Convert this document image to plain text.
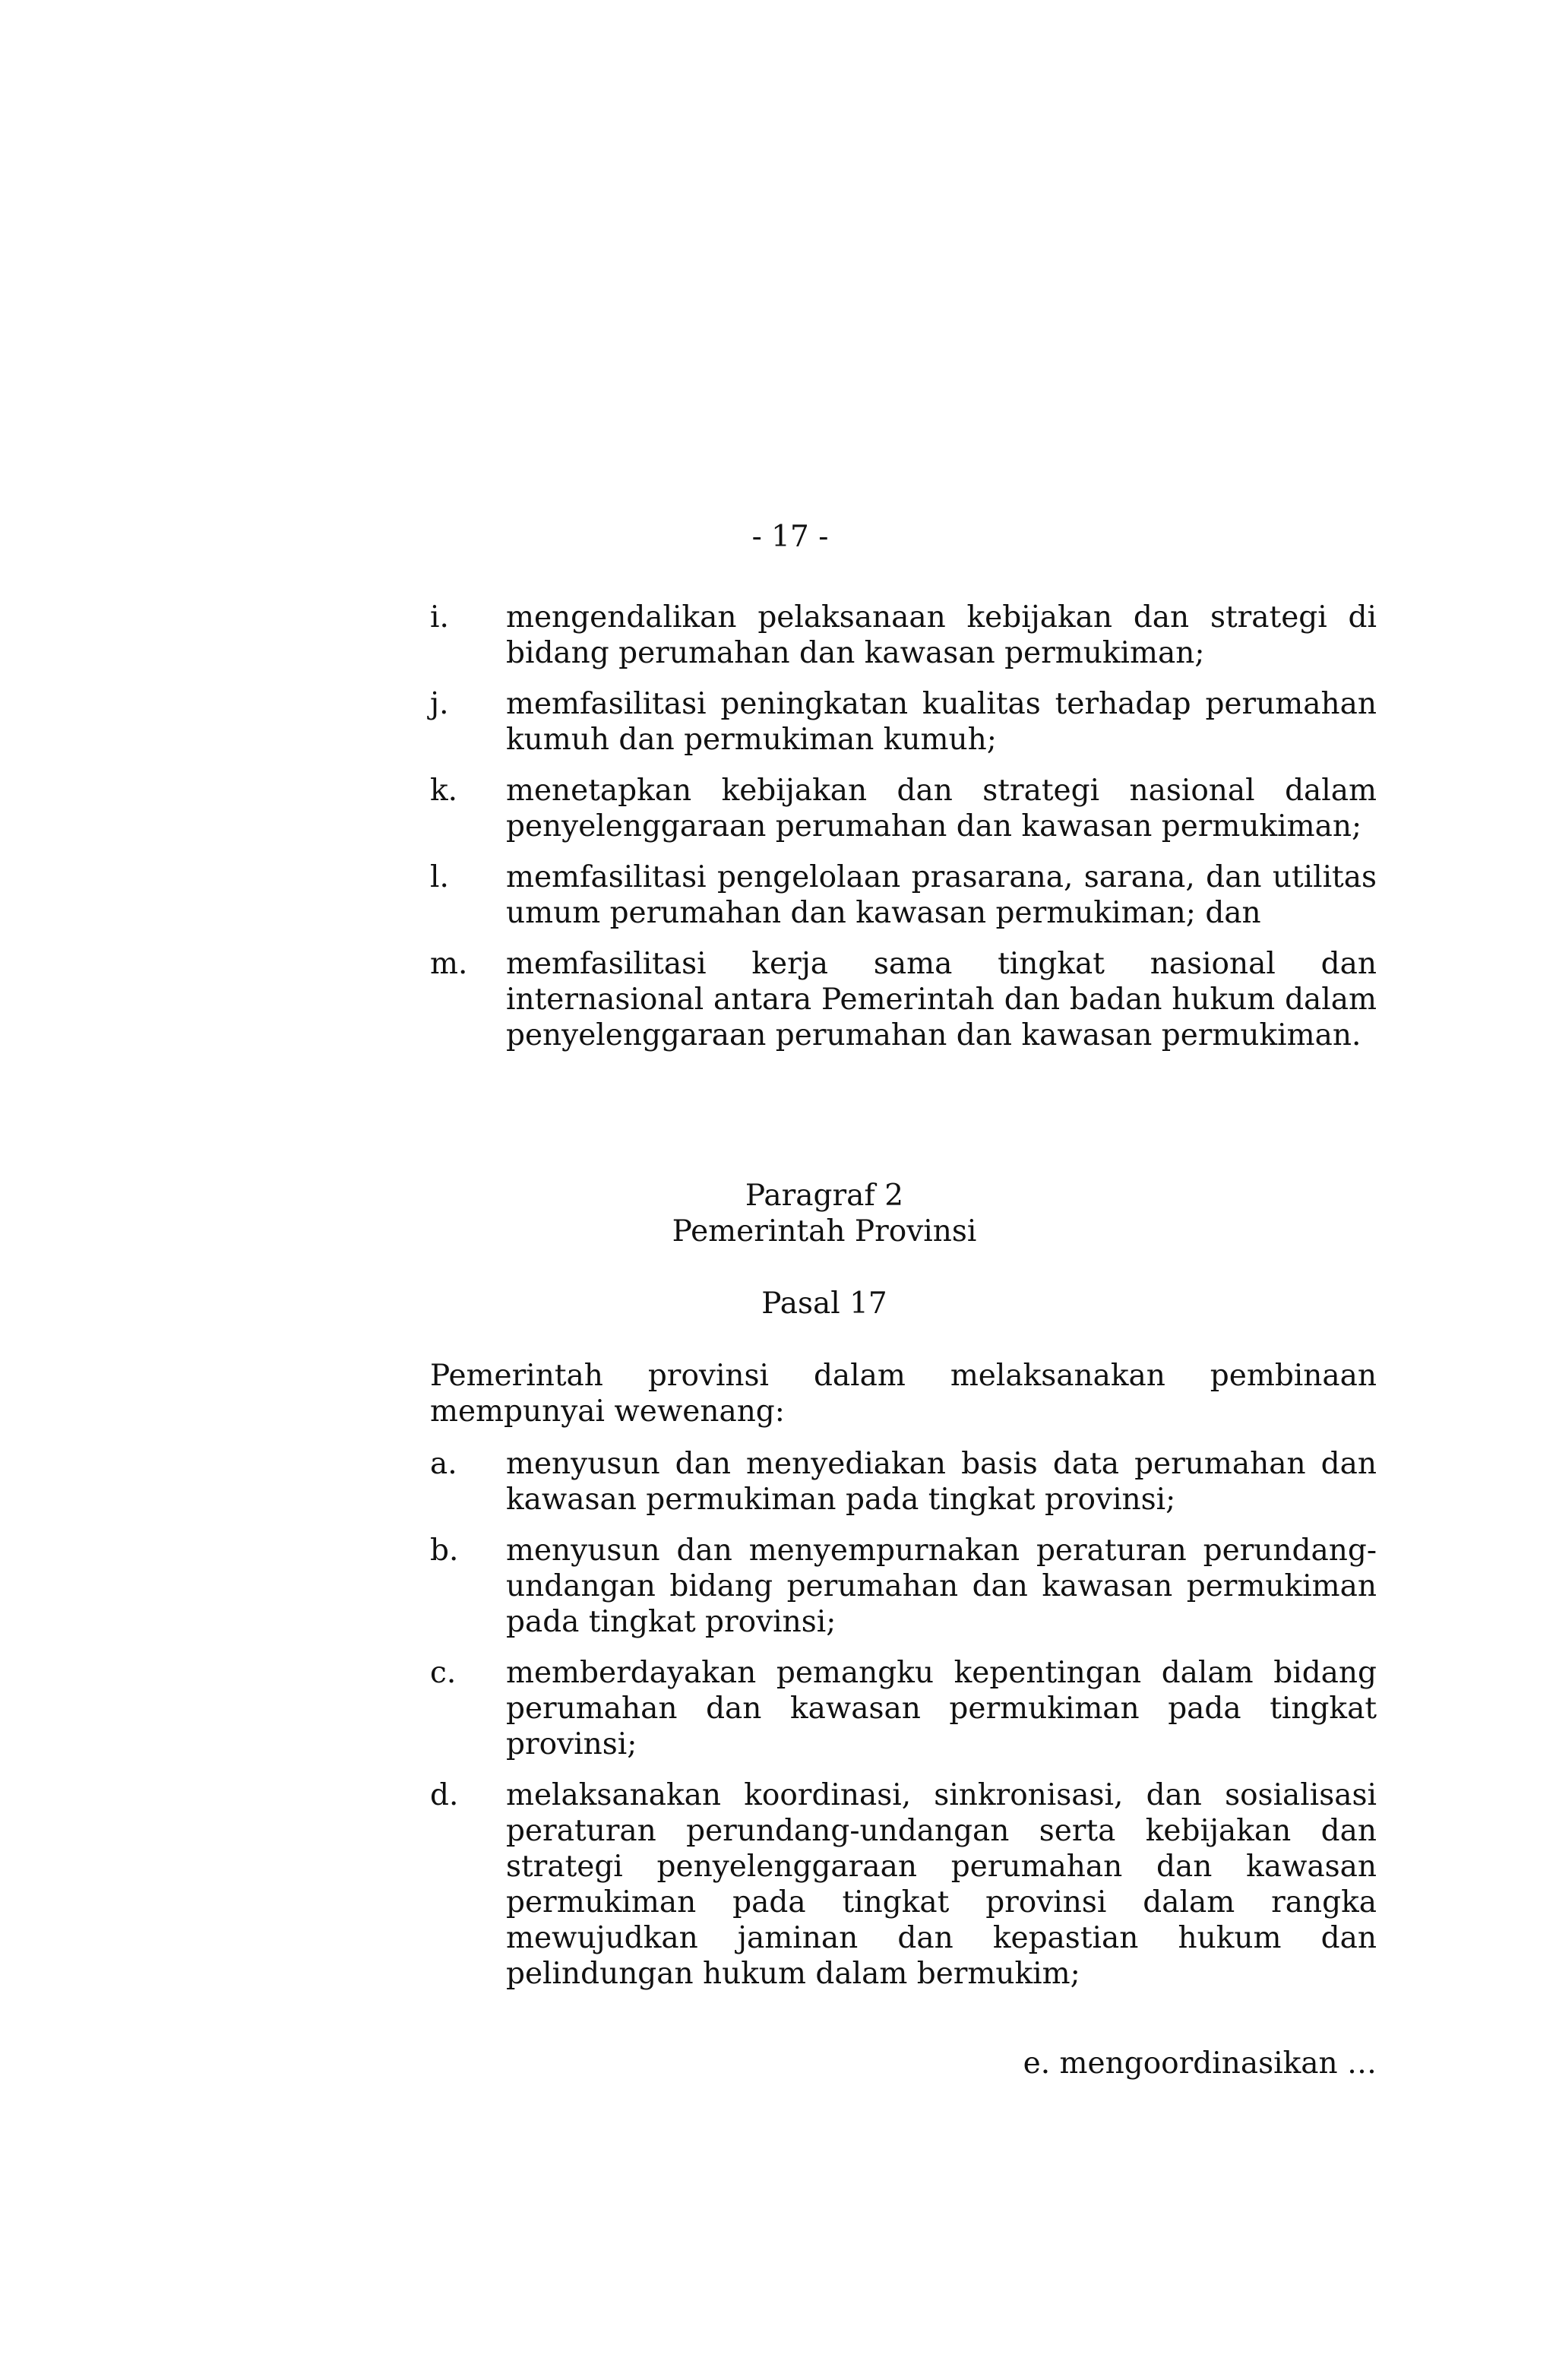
- 17 -
i.	mengendalikan pelaksanaan kebijakan dan strategi di bidang perumahan dan kawasan permukiman;
j.	memfasilitasi peningkatan kualitas terhadap perumahan kumuh dan permukiman kumuh;
k.	menetapkan kebijakan dan strategi nasional dalam penyelenggaraan perumahan dan kawasan permukiman;
l.	memfasilitasi pengelolaan prasarana, sarana, dan utilitas umum perumahan dan kawasan permukiman; dan
m.	memfasilitasi kerja sama tingkat nasional dan internasional antara Pemerintah dan badan hukum dalam penyelenggaraan perumahan dan kawasan permukiman.
Paragraf 2
Pemerintah Provinsi
Pasal 17
Pemerintah provinsi dalam melaksanakan pembinaan mempunyai wewenang:
a.	menyusun dan menyediakan basis data perumahan dan kawasan permukiman pada tingkat provinsi;
b.	menyusun dan menyempurnakan peraturan perundang-undangan bidang perumahan dan kawasan permukiman pada tingkat provinsi;
c.	memberdayakan pemangku kepentingan dalam bidang perumahan dan kawasan permukiman pada tingkat provinsi;
d.	melaksanakan koordinasi, sinkronisasi, dan sosialisasi peraturan perundang-undangan serta kebijakan dan strategi penyelenggaraan perumahan dan kawasan permukiman pada tingkat provinsi dalam rangka mewujudkan jaminan dan kepastian hukum dan pelindungan hukum dalam bermukim;
e. mengoordinasikan …
